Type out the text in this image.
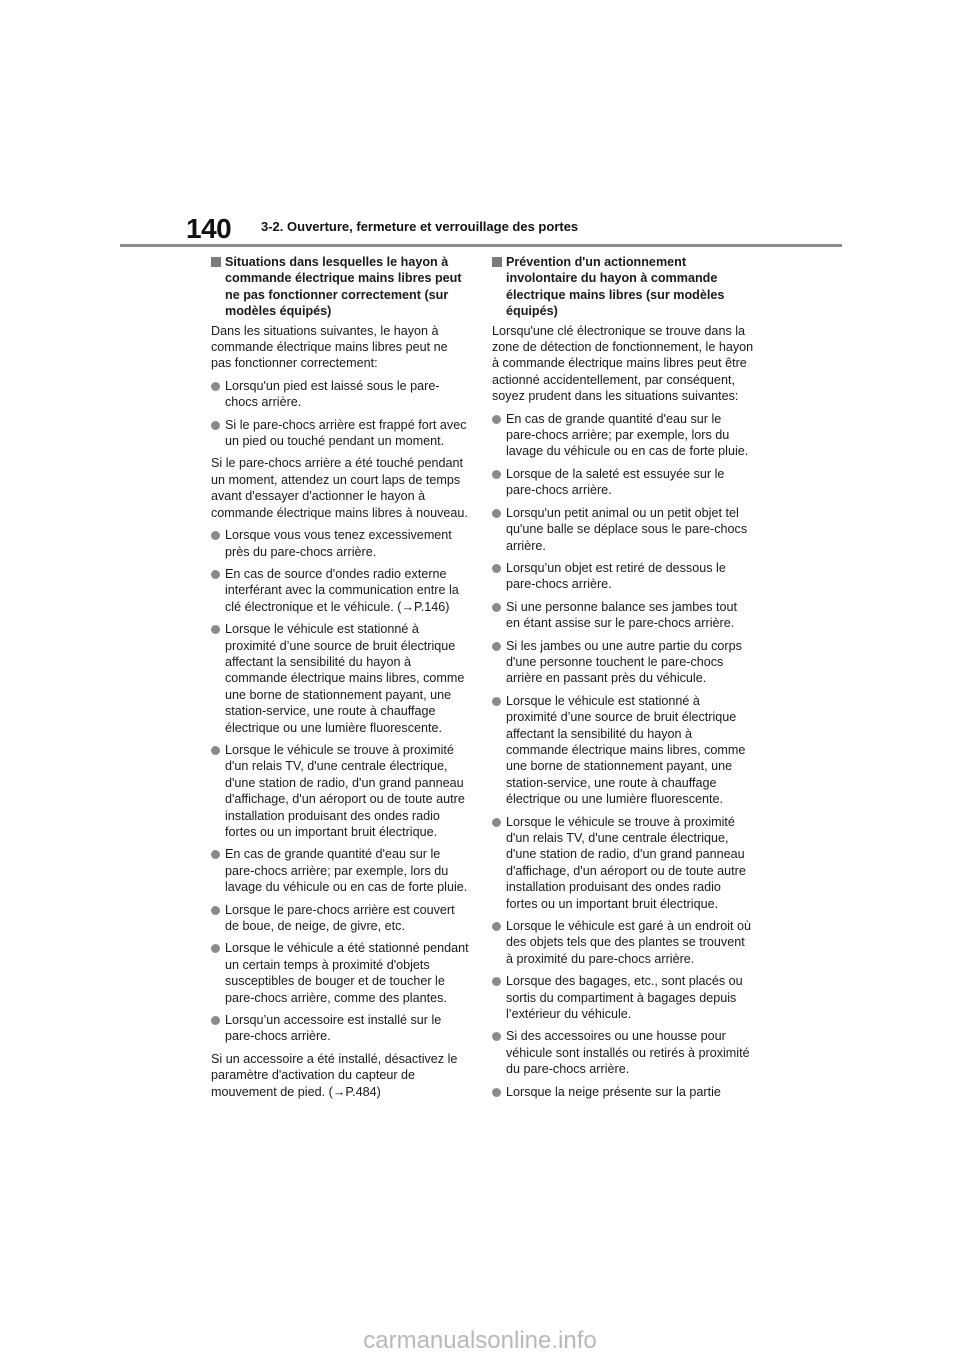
140 3-2. Ouverture, fermeture et verrouillage des portes
Situations dans lesquelles le hayon à commande électrique mains libres peut ne pas fonctionner correctement (sur modèles équipés)
Dans les situations suivantes, le hayon à commande électrique mains libres peut ne pas fonctionner correctement:
Lorsqu'un pied est laissé sous le pare-chocs arrière.
Si le pare-chocs arrière est frappé fort avec un pied ou touché pendant un moment.
Si le pare-chocs arrière a été touché pendant un moment, attendez un court laps de temps avant d'essayer d'actionner le hayon à commande électrique mains libres à nouveau.
Lorsque vous vous tenez excessivement près du pare-chocs arrière.
En cas de source d'ondes radio externe interférant avec la communication entre la clé électronique et le véhicule. (→P.146)
Lorsque le véhicule est stationné à proximité d’une source de bruit électrique affectant la sensibilité du hayon à commande électrique mains libres, comme une borne de stationnement payant, une station-service, une route à chauffage électrique ou une lumière fluorescente.
Lorsque le véhicule se trouve à proximité d'un relais TV, d'une centrale électrique, d'une station de radio, d'un grand panneau d'affichage, d'un aéroport ou de toute autre installation produisant des ondes radio fortes ou un important bruit électrique.
En cas de grande quantité d'eau sur le pare-chocs arrière; par exemple, lors du lavage du véhicule ou en cas de forte pluie.
Lorsque le pare-chocs arrière est couvert de boue, de neige, de givre, etc.
Lorsque le véhicule a été stationné pendant un certain temps à proximité d'objets susceptibles de bouger et de toucher le pare-chocs arrière, comme des plantes.
Lorsqu’un accessoire est installé sur le pare-chocs arrière.
Si un accessoire a été installé, désactivez le paramètre d'activation du capteur de mouvement de pied. (→P.484)
Prévention d'un actionnement involontaire du hayon à commande électrique mains libres (sur modèles équipés)
Lorsqu'une clé électronique se trouve dans la zone de détection de fonctionnement, le hayon à commande électrique mains libres peut être actionné accidentellement, par conséquent, soyez prudent dans les situations suivantes:
En cas de grande quantité d'eau sur le pare-chocs arrière; par exemple, lors du lavage du véhicule ou en cas de forte pluie.
Lorsque de la saleté est essuyée sur le pare-chocs arrière.
Lorsqu'un petit animal ou un petit objet tel qu'une balle se déplace sous le pare-chocs arrière.
Lorsqu’un objet est retiré de dessous le pare-chocs arrière.
Si une personne balance ses jambes tout en étant assise sur le pare-chocs arrière.
Si les jambes ou une autre partie du corps d'une personne touchent le pare-chocs arrière en passant près du véhicule.
Lorsque le véhicule est stationné à proximité d’une source de bruit électrique affectant la sensibilité du hayon à commande électrique mains libres, comme une borne de stationnement payant, une station-service, une route à chauffage électrique ou une lumière fluorescente.
Lorsque le véhicule se trouve à proximité d'un relais TV, d'une centrale électrique, d'une station de radio, d'un grand panneau d'affichage, d'un aéroport ou de toute autre installation produisant des ondes radio fortes ou un important bruit électrique.
Lorsque le véhicule est garé à un endroit où des objets tels que des plantes se trouvent à proximité du pare-chocs arrière.
Lorsque des bagages, etc., sont placés ou sortis du compartiment à bagages depuis l’extérieur du véhicule.
Si des accessoires ou une housse pour véhicule sont installés ou retirés à proximité du pare-chocs arrière.
Lorsque la neige présente sur la partie
carmanualsonline.info
